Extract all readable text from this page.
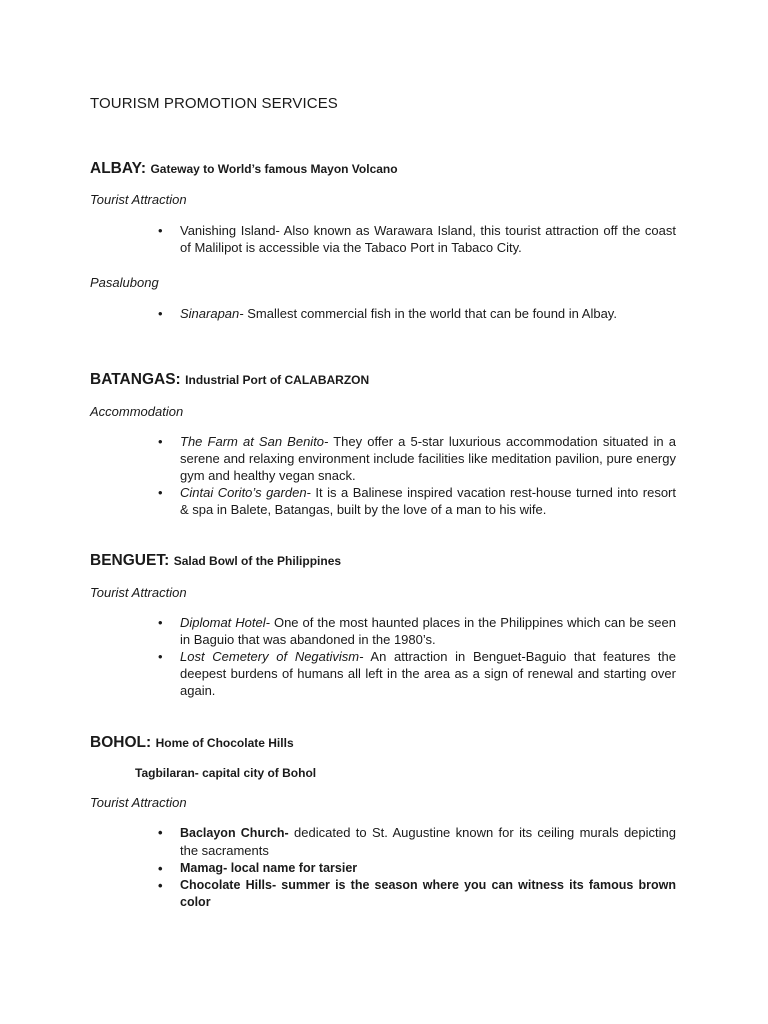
TOURISM PROMOTION SERVICES
ALBAY: Gateway to World’s famous Mayon Volcano
Tourist Attraction
• Vanishing Island- Also known as Warawara Island, this tourist attraction off the coast of Malilipot is accessible via the Tabaco Port in Tabaco City.
Pasalubong
• Sinarapan- Smallest commercial fish in the world that can be found in Albay.
BATANGAS: Industrial Port of CALABARZON
Accommodation
• The Farm at San Benito- They offer a 5-star luxurious accommodation situated in a serene and relaxing environment include facilities like meditation pavilion, pure energy gym and healthy vegan snack.
• Cintai Corito’s garden- It is a Balinese inspired vacation rest-house turned into resort & spa in Balete, Batangas, built by the love of a man to his wife.
BENGUET: Salad Bowl of the Philippines
Tourist Attraction
• Diplomat Hotel- One of the most haunted places in the Philippines which can be seen in Baguio that was abandoned in the 1980’s.
• Lost Cemetery of Negativism- An attraction in Benguet-Baguio that features the deepest burdens of humans all left in the area as a sign of renewal and starting over again.
BOHOL: Home of Chocolate Hills
Tagbilaran- capital city of Bohol
Tourist Attraction
• Baclayon Church- dedicated to St. Augustine known for its ceiling murals depicting the sacraments
• Mamag- local name for tarsier
• Chocolate Hills- summer is the season where you can witness its famous brown color
